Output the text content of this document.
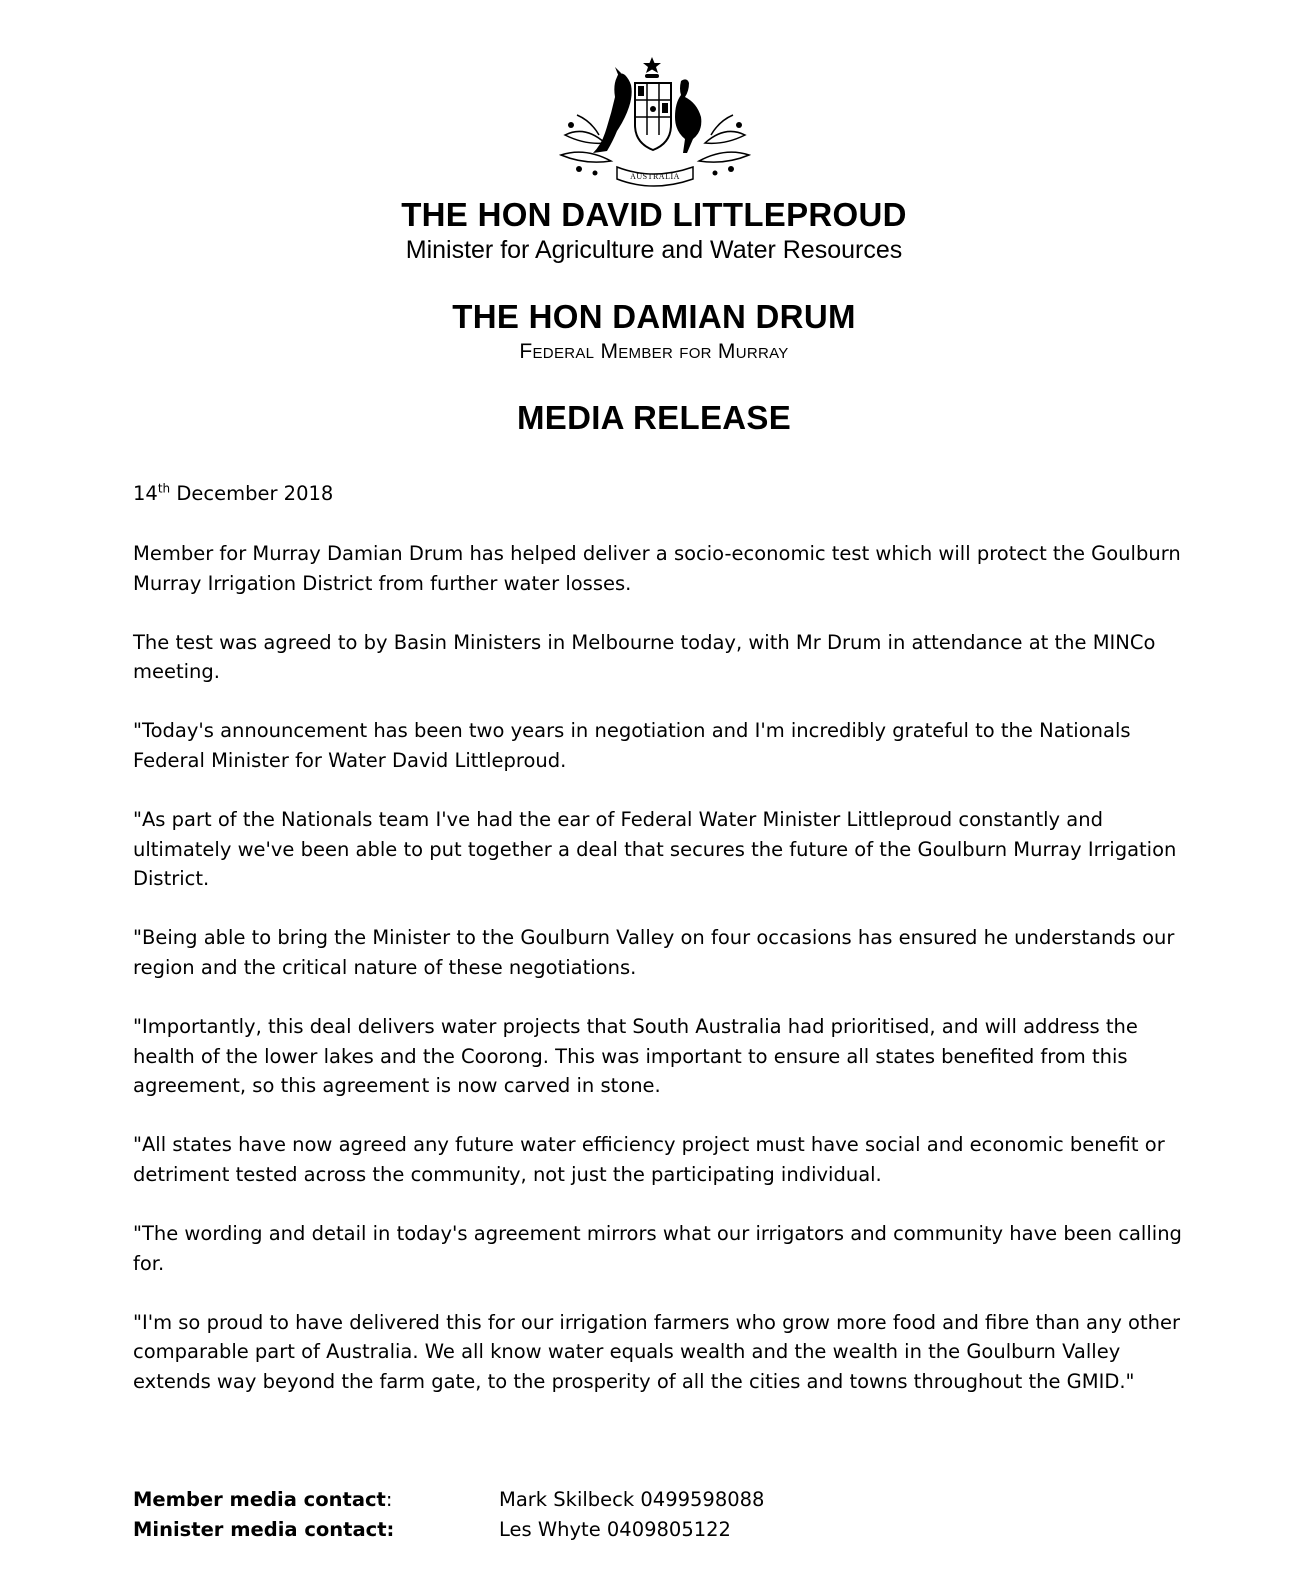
AUSTRALIA
THE HON DAVID LITTLEPROUD
Minister for Agriculture and Water Resources
THE HON DAMIAN DRUM
Federal Member for Murray
MEDIA RELEASE
14th December 2018

Member for Murray Damian Drum has helped deliver a socio-economic test which will protect the Goulburn Murray Irrigation District from further water losses.

The test was agreed to by Basin Ministers in Melbourne today, with Mr Drum in attendance at the MINCo meeting.

"Today's announcement has been two years in negotiation and I'm incredibly grateful to the Nationals Federal Minister for Water David Littleproud.

"As part of the Nationals team I've had the ear of Federal Water Minister Littleproud constantly and ultimately we've been able to put together a deal that secures the future of the Goulburn Murray Irrigation District.

"Being able to bring the Minister to the Goulburn Valley on four occasions has ensured he understands our region and the critical nature of these negotiations.

"Importantly, this deal delivers water projects that South Australia had prioritised, and will address the health of the lower lakes and the Coorong. This was important to ensure all states benefited from this agreement, so this agreement is now carved in stone.

"All states have now agreed any future water efficiency project must have social and economic benefit or detriment tested across the community, not just the participating individual.

"The wording and detail in today's agreement mirrors what our irrigators and community have been calling for.

"I'm so proud to have delivered this for our irrigation farmers who grow more food and fibre than any other comparable part of Australia. We all know water equals wealth and the wealth in the Goulburn Valley extends way beyond the farm gate, to the prosperity of all the cities and towns throughout the GMID."

Member media contact:	Mark Skilbeck 0499598088
Minister media contact:	Les Whyte 0409805122
